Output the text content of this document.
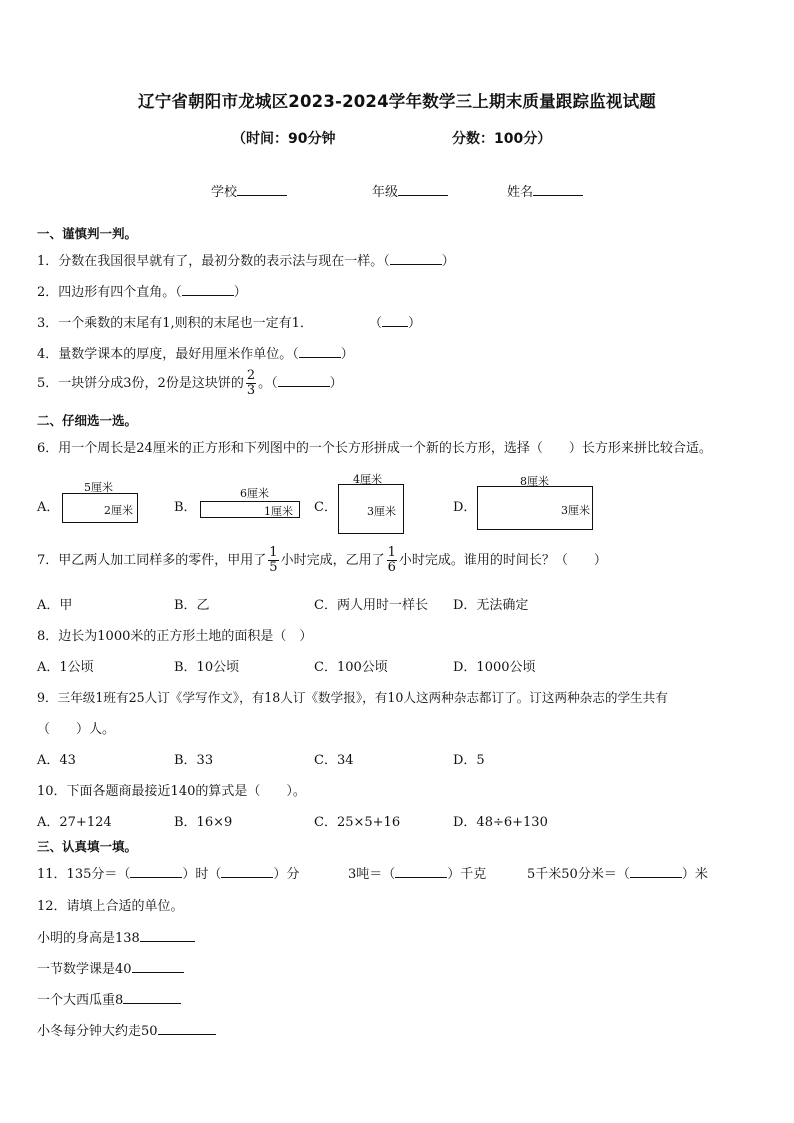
辽宁省朝阳市龙城区2023-2024学年数学三上期末质量跟踪监视试题
（时间：90分钟	分数：100分）
学校	年级	姓名
一、谨慎判一判。
1．分数在我国很早就有了，最初分数的表示法与现在一样。（	）
2．四边形有四个直角。（	）
3．一个乘数的末尾有1,则积的末尾也一定有1．	（ ）
4．量数学课本的厚度，最好用厘米作单位。（	）
5．一块饼分成3份，2份是这块饼的 $\frac{2}{3}$ 。（	）
二、仔细选一选。
6．用一个周长是24厘米的正方形和下列图中的一个长方形拼成一个新的长方形，选择（　　）长方形来拼比较合适。
A．
5厘米
2厘米	B．
6厘米
1厘米 C．
4厘米
3厘米	D．
8厘米
3厘米
7．甲乙两人加工同样多的零件，甲用了 $\frac{1}{5}$ 小时完成，乙用了 $\frac{1}{6}$ 小时完成。谁用的时间长？（　　）
A．甲	B．乙	C．两人用时一样长 D．无法确定
8．边长为1000米的正方形土地的面积是（　）
A．1公顷	B．10公顷	C．100公顷	D．1000公顷
9．三年级1班有25人订《学写作文》，有18人订《数学报》，有10人这两种杂志都订了。订这两种杂志的学生共有
（　　）人。
A．43	B．33	C．34	D．5
10．下面各题商最接近140的算式是（　　）。
A．27+124	B．16×9	C．25×5+16	D．48÷6+130
三、认真填一填。
11．135分＝（	）时（	）分	3吨＝（	）千克	5千米50分米＝（	）米
12．请填上合适的单位。
小明的身高是138
一节数学课是40
一个大西瓜重8
小冬每分钟大约走50
